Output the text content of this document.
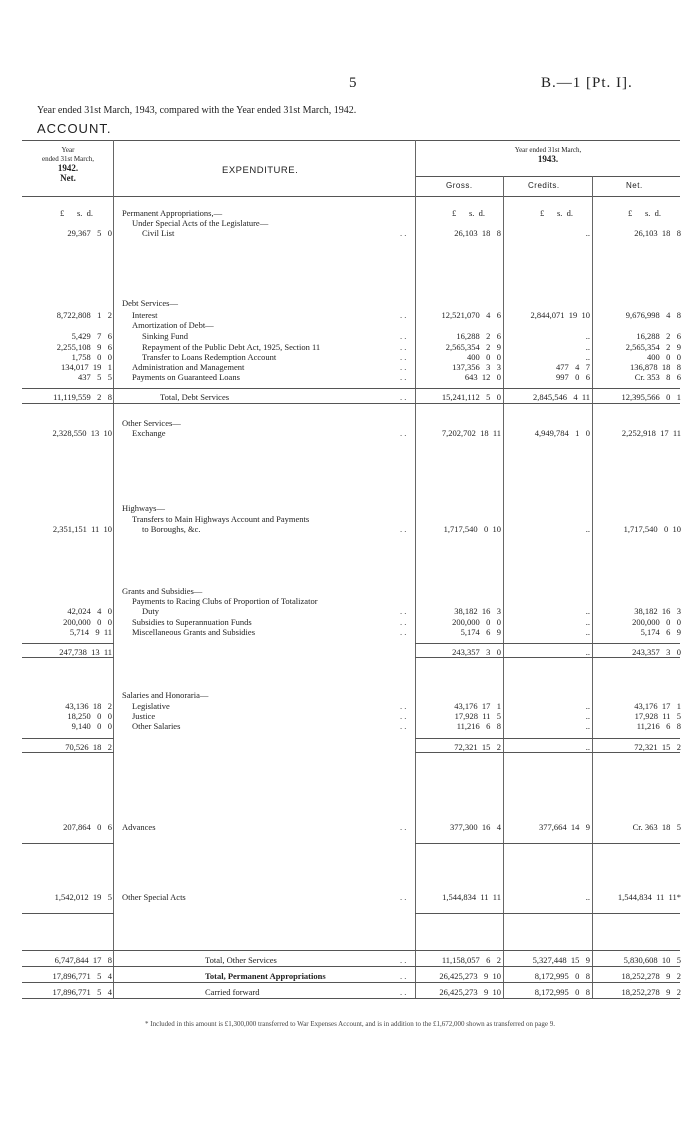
5	B.—1 [Pt. I].
Year ended 31st March, 1943, compared with the Year ended 31st March, 1942.
ACCOUNT.
Year
ended 31st March,
1942.
Net.
EXPENDITURE.
Year ended 31st March,
1943.
Gross.	Credits.	Net.
£      s.  d.	£      s.  d.	£      s.  d.	£      s.  d.
Permanent Appropriations,—
Under Special Acts of the Legislature—
29,367   5   0	Civil List	. .	26,103  18   8	..	26,103  18   8
Debt Services—
8,722,808   1   2 Interest	. .	12,521,070   4   6	2,844,071  19  10	9,676,998   4   8
Amortization of Debt—
5,429   7   6	Sinking Fund	. .	16,288   2   6	..	16,288   2   6
2,255,108   9   6	Repayment of the Public Debt Act, 1925, Section 11	. .	2,565,354   2   9	..	2,565,354   2   9
1,758   0   0	Transfer to Loans Redemption Account	. .	400   0   0	..	400   0   0
134,017  19   1 Administration and Management	. .	137,356   3   3	477   4   7	136,878  18   8
437   5   5 Payments on Guaranteed Loans	. .	643  12   0	997   0   6	Cr. 353   8   6
11,119,559   2   8	Total, Debt Services	. .	15,241,112   5   0	2,845,546   4  11	12,395,566   0   1
Other Services—
2,328,550  13  10 Exchange	. .	7,202,702  18  11	4,949,784   1   0	2,252,918  17  11
Highways—
Transfers to Main Highways Account and Payments
2,351,151  11  10	to Boroughs, &c.	. .	1,717,540   0  10	..	1,717,540   0  10
Grants and Subsidies—
Payments to Racing Clubs of Proportion of Totalizator
42,024   4   0	Duty	. .	38,182  16   3	..	38,182  16   3
200,000   0   0 Subsidies to Superannuation Funds	. .	200,000   0   0	..	200,000   0   0
5,714   9  11 Miscellaneous Grants and Subsidies	. .	5,174   6   9	..	5,174   6   9
247,738  13  11	243,357   3   0	..	243,357   3   0
Salaries and Honoraria—
43,136  18   2 Legislative	. .	43,176  17   1	..	43,176  17   1
18,250   0   0 Justice	. .	17,928  11   5	..	17,928  11   5
9,140   0   0 Other Salaries	. .	11,216   6   8	..	11,216   6   8
70,526  18   2	72,321  15   2	..	72,321  15   2
207,864   0   6 Advances	. .	377,300  16   4	377,664  14   9	Cr. 363  18   5
1,542,012  19   5 Other Special Acts	. .	1,544,834  11  11	..	1,544,834  11  11*
6,747,844  17   8	Total, Other Services	. .	11,158,057   6   2	5,327,448  15   9	5,830,608  10   5
17,896,771   5   4	Total, Permanent Appropriations	. .	26,425,273   9  10	8,172,995   0   8	18,252,278   9   2
17,896,771   5   4	Carried forward	. .	26,425,273   9  10	8,172,995   0   8	18,252,278   9   2
* Included in this amount is £1,300,000 transferred to War Expenses Account, and is in addition to the £1,672,000 shown as transferred on page 9.
